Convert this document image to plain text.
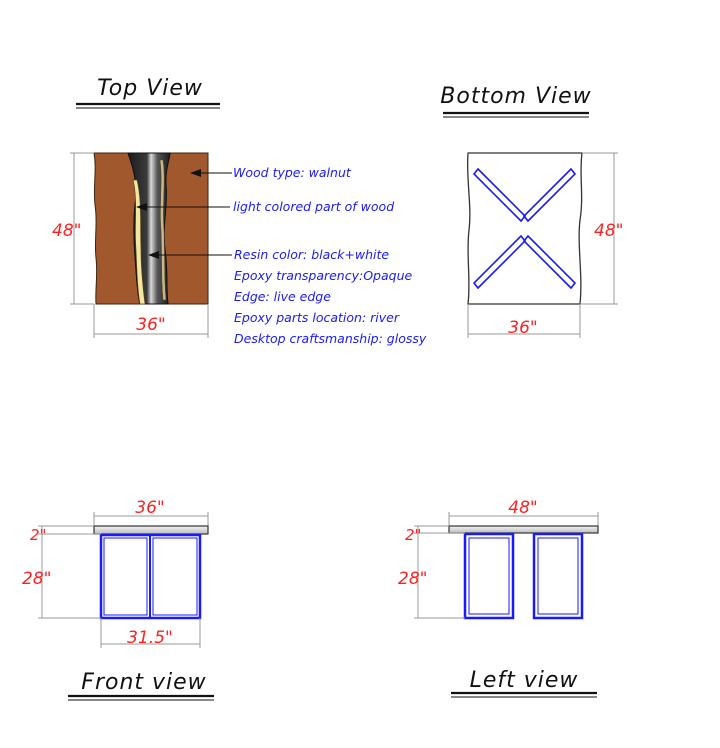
Top View
48"
36"
Wood type: walnut
light colored part of wood
Resin color: black+white
Epoxy transparency:Opaque
Edge: live edge
Epoxy parts location: river
Desktop craftsmanship: glossy
Bottom View
48"
36"
36"
2"
28"
31.5"
Front view
48"
2"
28"
Left view
